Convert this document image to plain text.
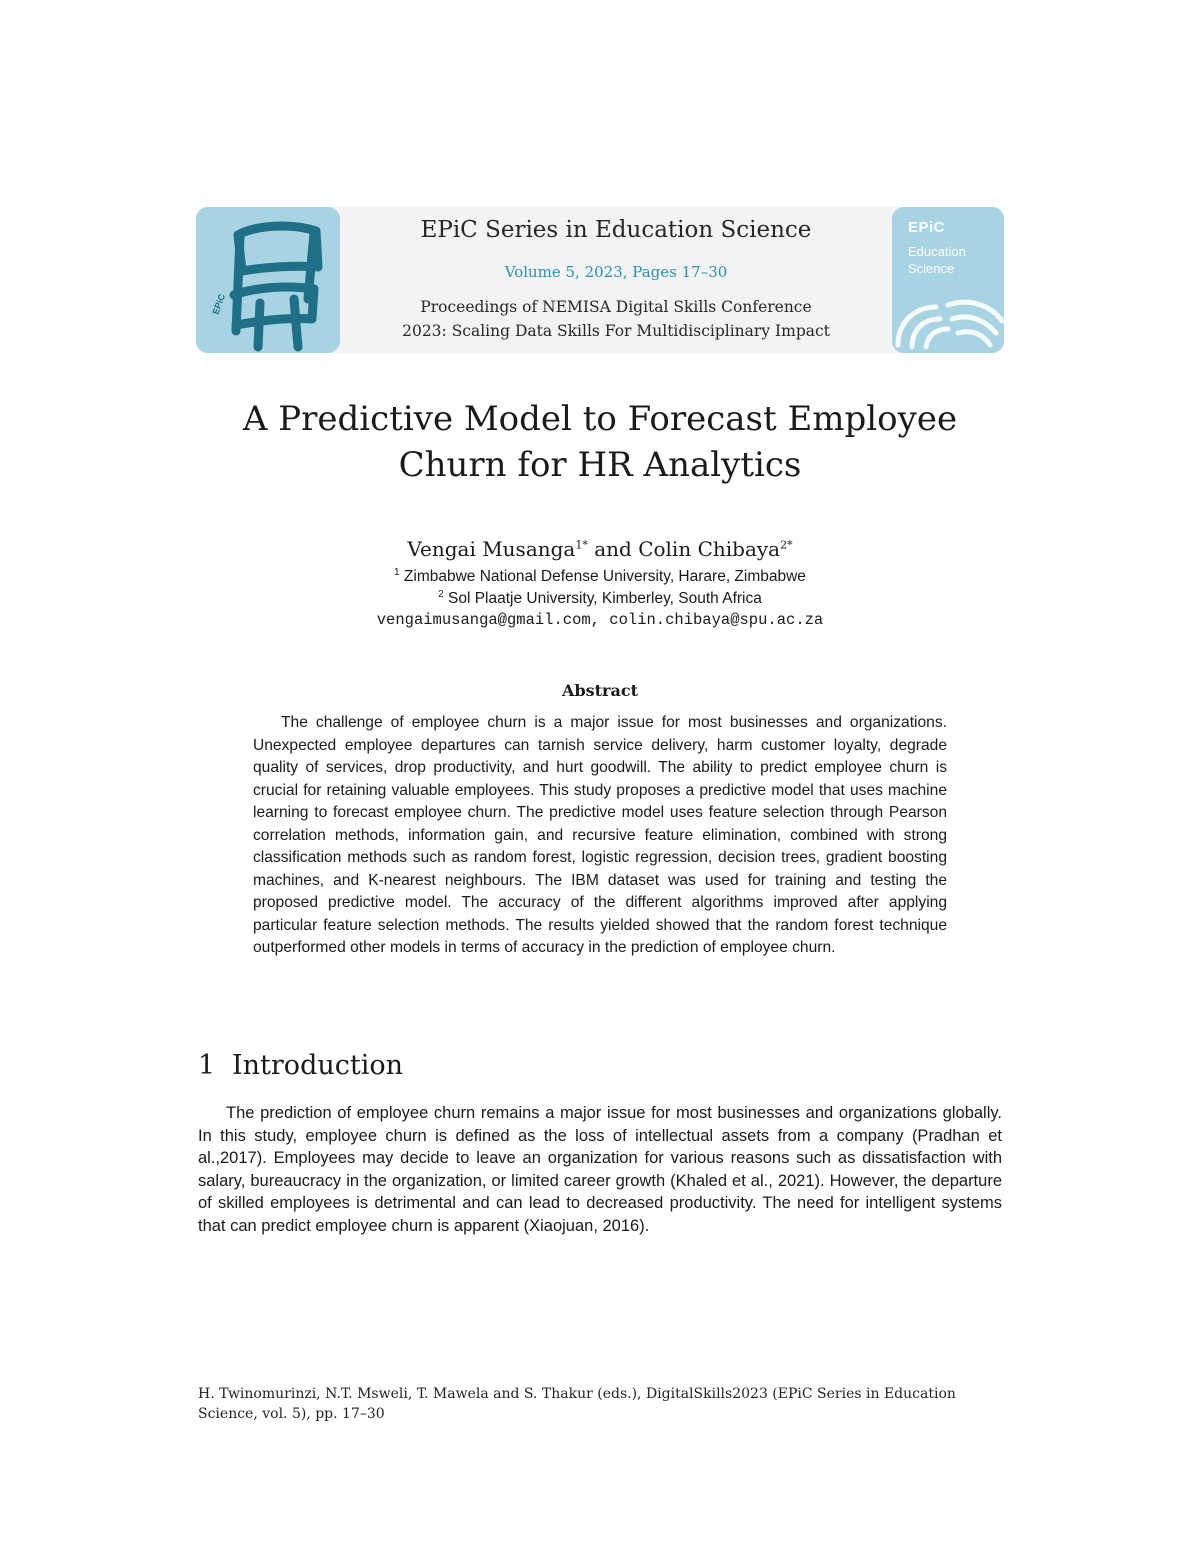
EPiC
EPiC Series in Education Science
Volume 5, 2023, Pages 17–30
Proceedings of NEMISA Digital Skills Conference
2023: Scaling Data Skills For Multidisciplinary Impact
EPiC
Education
Science
A Predictive Model to Forecast Employee
Churn for HR Analytics
Vengai Musanga$^{1*}$ and Colin Chibaya$^{2*}$
$^1$ Zimbabwe National Defense University, Harare, Zimbabwe
$^2$ Sol Plaatje University, Kimberley, South Africa
vengaimusanga@gmail.com, colin.chibaya@spu.ac.za
Abstract
The challenge of employee churn is a major issue for most businesses and organizations. Unexpected employee departures can tarnish service delivery, harm customer loyalty, degrade quality of services, drop productivity, and hurt goodwill. The ability to predict employee churn is crucial for retaining valuable employees. This study proposes a predictive model that uses machine learning to forecast employee churn. The predictive model uses feature selection through Pearson correlation methods, information gain, and recursive feature elimination, combined with strong classification methods such as random forest, logistic regression, decision trees, gradient boosting machines, and K-nearest neighbours. The IBM dataset was used for training and testing the proposed predictive model. The accuracy of the different algorithms improved after applying particular feature selection methods. The results yielded showed that the random forest technique outperformed other models in terms of accuracy in the prediction of employee churn.
1 Introduction
The prediction of employee churn remains a major issue for most businesses and organizations globally. In this study, employee churn is defined as the loss of intellectual assets from a company (Pradhan et al.,2017). Employees may decide to leave an organization for various reasons such as dissatisfaction with salary, bureaucracy in the organization, or limited career growth (Khaled et al., 2021). However, the departure of skilled employees is detrimental and can lead to decreased productivity. The need for intelligent systems that can predict employee churn is apparent (Xiaojuan, 2016).
H. Twinomurinzi, N.T. Msweli, T. Mawela and S. Thakur (eds.), DigitalSkills2023 (EPiC Series in Education
Science, vol. 5), pp. 17–30
